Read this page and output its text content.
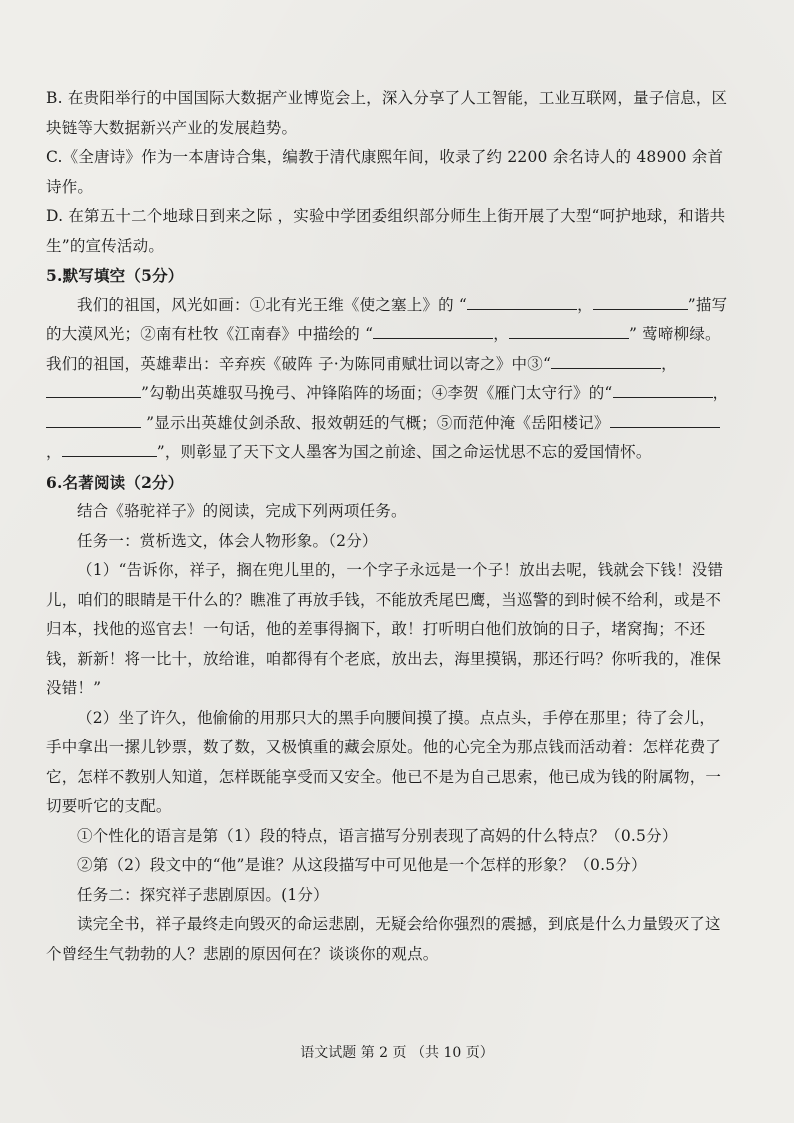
B. 在贵阳举行的中国国际大数据产业博览会上，深入分享了人工智能，工业互联网，量子信息，区块链等大数据新兴产业的发展趋势。

C.《全唐诗》作为一本唐诗合集，编教于清代康熙年间，收录了约 2200 余名诗人的 48900 余首诗作。

D. 在第五十二个地球日到来之际 ，实验中学团委组织部分师生上街开展了大型“呵护地球，和谐共生”的宣传活动。

5.默写填空（5分）

我们的祖国，风光如画：①北有光王维《使之塞上》的 “	，	”描写的大漠风光；②南有杜牧《江南春》中描绘的 “	，	” 莺啼柳绿。我们的祖国，英雄辈出：辛弃疾《破阵 子·为陈同甫赋壮词以寄之》中③“	，”勾勒出英雄驭马挽弓、冲锋陷阵的场面；④李贺《雁门太守行》的“	， ”显示出英雄仗剑杀敌、报效朝廷的气概；⑤而范仲淹《岳阳楼记》，	”，则彰显了天下文人墨客为国之前途、国之命运忧思不忘的爱国情怀。

6.名著阅读（2分）

结合《骆驼祥子》的阅读，完成下列两项任务。

任务一：赏析选文，体会人物形象。（2分）

（1）“告诉你，祥子，搁在兜儿里的，一个字子永远是一个子！放出去呢，钱就会下钱！没错儿，咱们的眼睛是干什么的？瞧准了再放手钱，不能放秃尾巴鹰，当巡警的到时候不给利，或是不归本，找他的巡官去！一句话，他的差事得搁下，敢！打听明白他们放饷的日子，堵窝掏；不还钱，新新！将一比十，放给谁，咱都得有个老底，放出去，海里摸锅，那还行吗？你听我的，准保没错！”

（2）坐了许久，他偷偷的用那只大的黑手向腰间摸了摸。点点头，手停在那里；待了会儿，手中拿出一摞儿钞票，数了数，又极慎重的藏会原处。他的心完全为那点钱而活动着：怎样花费了它，怎样不教别人知道，怎样既能享受而又安全。他已不是为自己思索，他已成为钱的附属物，一切要听它的支配。

①个性化的语言是第（1）段的特点，语言描写分别表现了高妈的什么特点？（0.5分）

②第（2）段文中的“他”是谁？从这段描写中可见他是一个怎样的形象？（0.5分）

任务二：探究祥子悲剧原因。(1分）

读完全书，祥子最终走向毁灭的命运悲剧，无疑会给你强烈的震撼，到底是什么力量毁灭了这个曾经生气勃勃的人？悲剧的原因何在？谈谈你的观点。

语文试题 第 2 页 （共 10 页）
